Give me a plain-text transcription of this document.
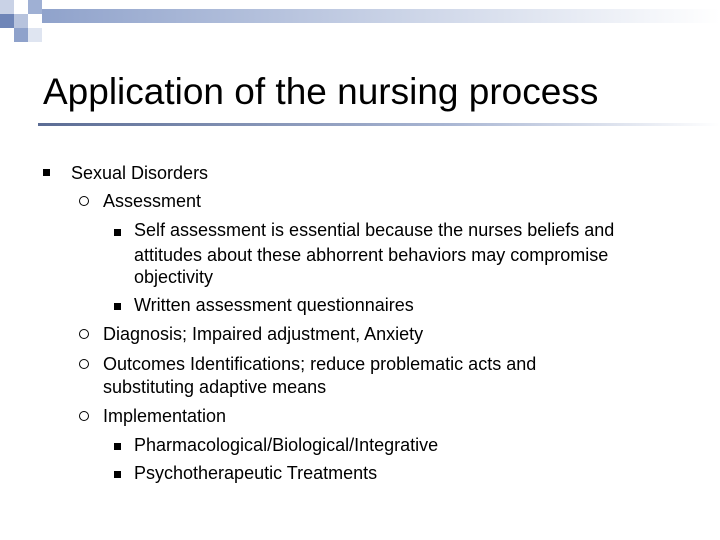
Application of the nursing process
Sexual Disorders
Assessment
Self assessment is essential because the nurses beliefs and
attitudes about these abhorrent behaviors may compromise
objectivity
Written assessment questionnaires
Diagnosis; Impaired adjustment, Anxiety
Outcomes Identifications; reduce problematic acts and
substituting adaptive means
Implementation
Pharmacological/Biological/Integrative
Psychotherapeutic Treatments
